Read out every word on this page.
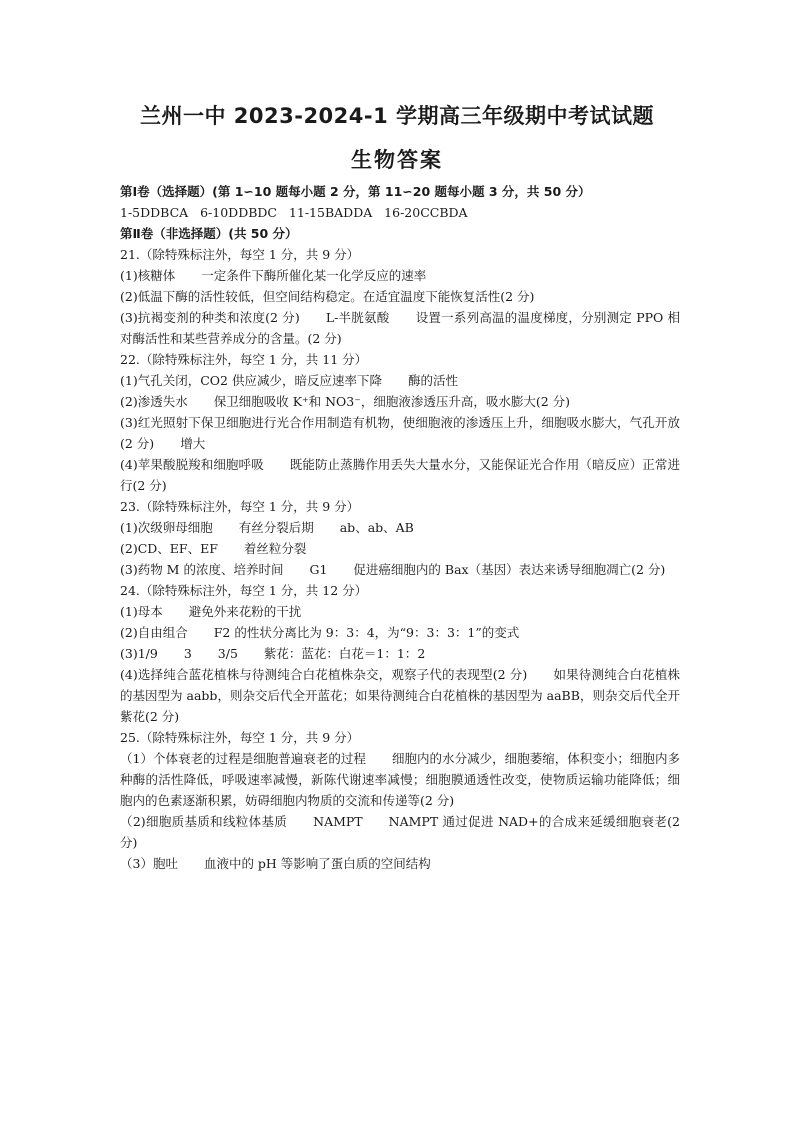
兰州一中 2023-2024-1 学期高三年级期中考试试题
生物答案
第Ⅰ卷（选择题）(第 1∽10 题每小题 2 分，第 11∽20 题每小题 3 分，共 50 分）
1-5DDBCA   6-10DDBDC   11-15BADDA   16-20CCBDA
第Ⅱ卷（非选择题）(共 50 分）
21.（除特殊标注外，每空 1 分，共 9 分）
(1)核糖体 一定条件下酶所催化某一化学反应的速率
(2)低温下酶的活性较低，但空间结构稳定。在适宜温度下能恢复活性(2 分)
(3)抗褐变剂的种类和浓度(2 分) L-半胱氨酸 设置一系列高温的温度梯度，分别测定 PPO 相对酶活性和某些营养成分的含量。(2 分)
22.（除特殊标注外，每空 1 分，共 11 分）
(1)气孔关闭，CO2 供应减少，暗反应速率下降 酶的活性
(2)渗透失水 保卫细胞吸收 K⁺和 NO3⁻，细胞液渗透压升高，吸水膨大(2 分)
(3)红光照射下保卫细胞进行光合作用制造有机物，使细胞液的渗透压上升，细胞吸水膨大，气孔开放(2 分) 增大
(4)苹果酸脱羧和细胞呼吸 既能防止蒸腾作用丢失大量水分，又能保证光合作用（暗反应）正常进行(2 分)
23.（除特殊标注外，每空 1 分，共 9 分）
(1)次级卵母细胞 有丝分裂后期 ab、ab、AB
(2)CD、EF、EF 着丝粒分裂
(3)药物 M 的浓度、培养时间 G1 促进癌细胞内的 Bax（基因）表达来诱导细胞凋亡(2 分)
24.（除特殊标注外，每空 1 分，共 12 分）
(1)母本 避免外来花粉的干扰
(2)自由组合 F2 的性状分离比为 9：3：4，为“9：3：3：1”的变式
(3)1/9 3 3/5 紫花：蓝花：白花＝1：1：2
(4)选择纯合蓝花植株与待测纯合白花植株杂交，观察子代的表现型(2 分) 如果待测纯合白花植株的基因型为 aabb，则杂交后代全开蓝花；如果待测纯合白花植株的基因型为 aaBB，则杂交后代全开紫花(2 分)
25.（除特殊标注外，每空 1 分，共 9 分）
（1）个体衰老的过程是细胞普遍衰老的过程 细胞内的水分减少，细胞萎缩，体积变小；细胞内多种酶的活性降低，呼吸速率减慢，新陈代谢速率减慢；细胞膜通透性改变，使物质运输功能降低；细胞内的色素逐渐积累，妨碍细胞内物质的交流和传递等(2 分)
（2)细胞质基质和线粒体基质 NAMPT NAMPT 通过促进 NAD+的合成来延缓细胞衰老(2 分)
（3）胞吐 血液中的 pH 等影响了蛋白质的空间结构
